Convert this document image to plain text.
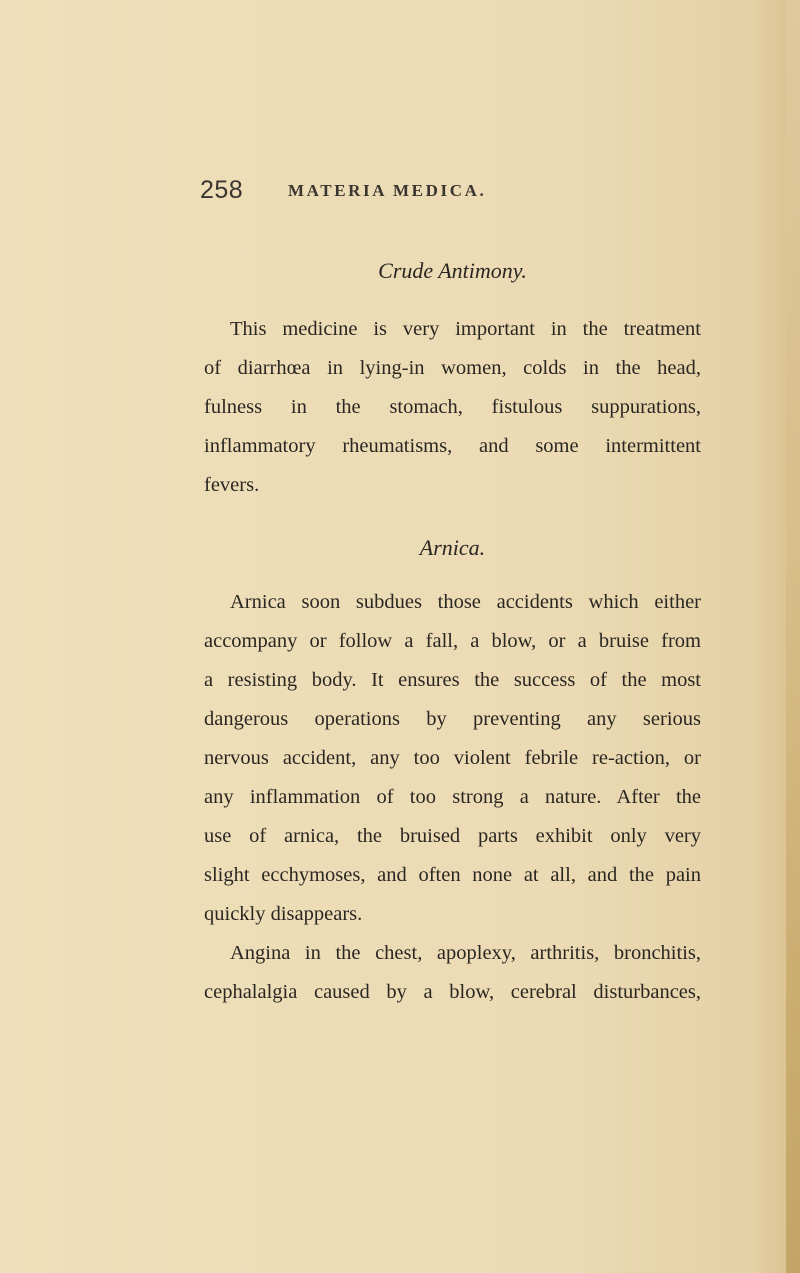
258	MATERIA MEDICA.
Crude Antimony.
This medicine is very important in the treatment
of diarrhœa in lying-in women, colds in the head,
fulness in the stomach, fistulous suppurations,
inflammatory rheumatisms, and some intermittent
fevers.
Arnica.
Arnica soon subdues those accidents which either
accompany or follow a fall, a blow, or a bruise from
a resisting body. It ensures the success of the most
dangerous operations by preventing any serious
nervous accident, any too violent febrile re-action, or
any inflammation of too strong a nature. After the
use of arnica, the bruised parts exhibit only very
slight ecchymoses, and often none at all, and the pain
quickly disappears.
Angina in the chest, apoplexy, arthritis, bronchitis,
cephalalgia caused by a blow, cerebral disturbances,
